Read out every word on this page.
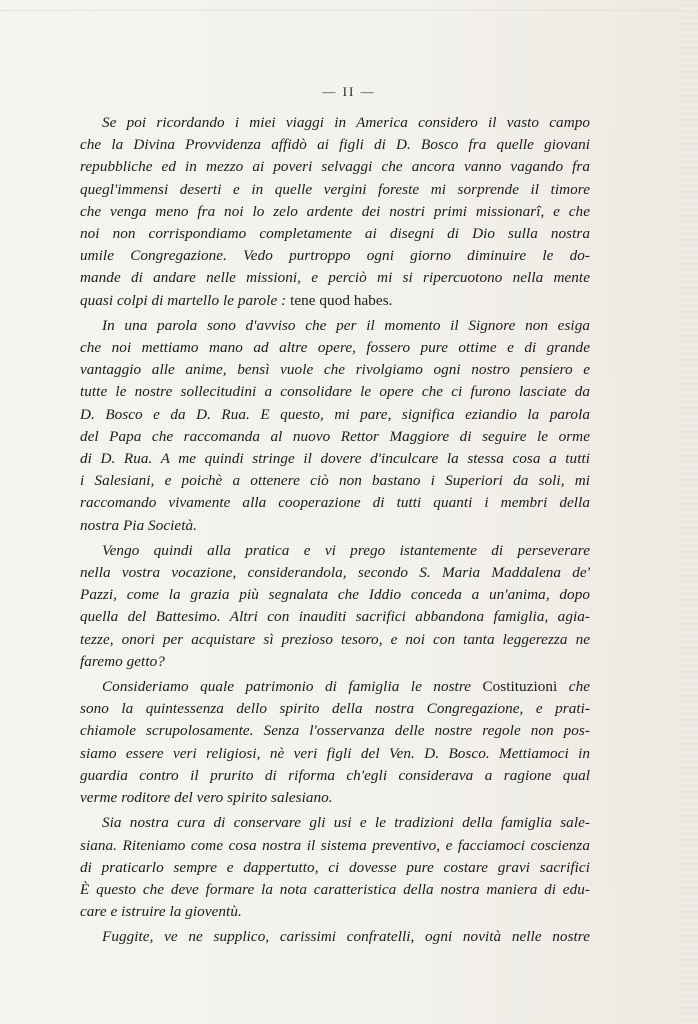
— II —
Se poi ricordando i miei viaggi in America considero il vasto campo
che la Divina Provvidenza affidò ai figli di D. Bosco fra quelle giovani
repubbliche ed in mezzo ai poveri selvaggi che ancora vanno vagando fra
quegl'immensi deserti e in quelle vergini foreste mi sorprende il timore
che venga meno fra noi lo zelo ardente dei nostri primi missionarî, e che
noi non corrispondiamo completamente ai disegni di Dio sulla nostra
umile Congregazione. Vedo purtroppo ogni giorno diminuire le do-
mande di andare nelle missioni, e perciò mi si ripercuotono nella mente
quasi colpi di martello le parole : tene quod habes.
In una parola sono d'avviso che per il momento il Signore non esiga
che noi mettiamo mano ad altre opere, fossero pure ottime e di grande
vantaggio alle anime, bensì vuole che rivolgiamo ogni nostro pensiero e
tutte le nostre sollecitudini a consolidare le opere che ci furono lasciate da
D. Bosco e da D. Rua. E questo, mi pare, significa eziandio la parola
del Papa che raccomanda al nuovo Rettor Maggiore di seguire le orme
di D. Rua. A me quindi stringe il dovere d'inculcare la stessa cosa a tutti
i Salesiani, e poichè a ottenere ciò non bastano i Superiori da soli, mi
raccomando vivamente alla cooperazione di tutti quanti i membri della
nostra Pia Società.
Vengo quindi alla pratica e vi prego istantemente di perseverare
nella vostra vocazione, considerandola, secondo S. Maria Maddalena de'
Pazzi, come la grazia più segnalata che Iddio conceda a un'anima, dopo
quella del Battesimo. Altri con inauditi sacrifici abbandona famiglia, agia-
tezze, onori per acquistare sì prezioso tesoro, e noi con tanta leggerezza ne
faremo getto?
Consideriamo quale patrimonio di famiglia le nostre Costituzioni che
sono la quintessenza dello spirito della nostra Congregazione, e prati-
chiamole scrupolosamente. Senza l'osservanza delle nostre regole non pos-
siamo essere veri religiosi, nè veri figli del Ven. D. Bosco. Mettiamoci in
guardia contro il prurito di riforma ch'egli considerava a ragione qual
verme roditore del vero spirito salesiano.
Sia nostra cura di conservare gli usi e le tradizioni della famiglia sale-
siana. Riteniamo come cosa nostra il sistema preventivo, e facciamoci coscienza
di praticarlo sempre e dappertutto, ci dovesse pure costare gravi sacrifici
È questo che deve formare la nota caratteristica della nostra maniera di edu-
care e istruire la gioventù.
Fuggite, ve ne supplico, carissimi confratelli, ogni novità nelle nostre
